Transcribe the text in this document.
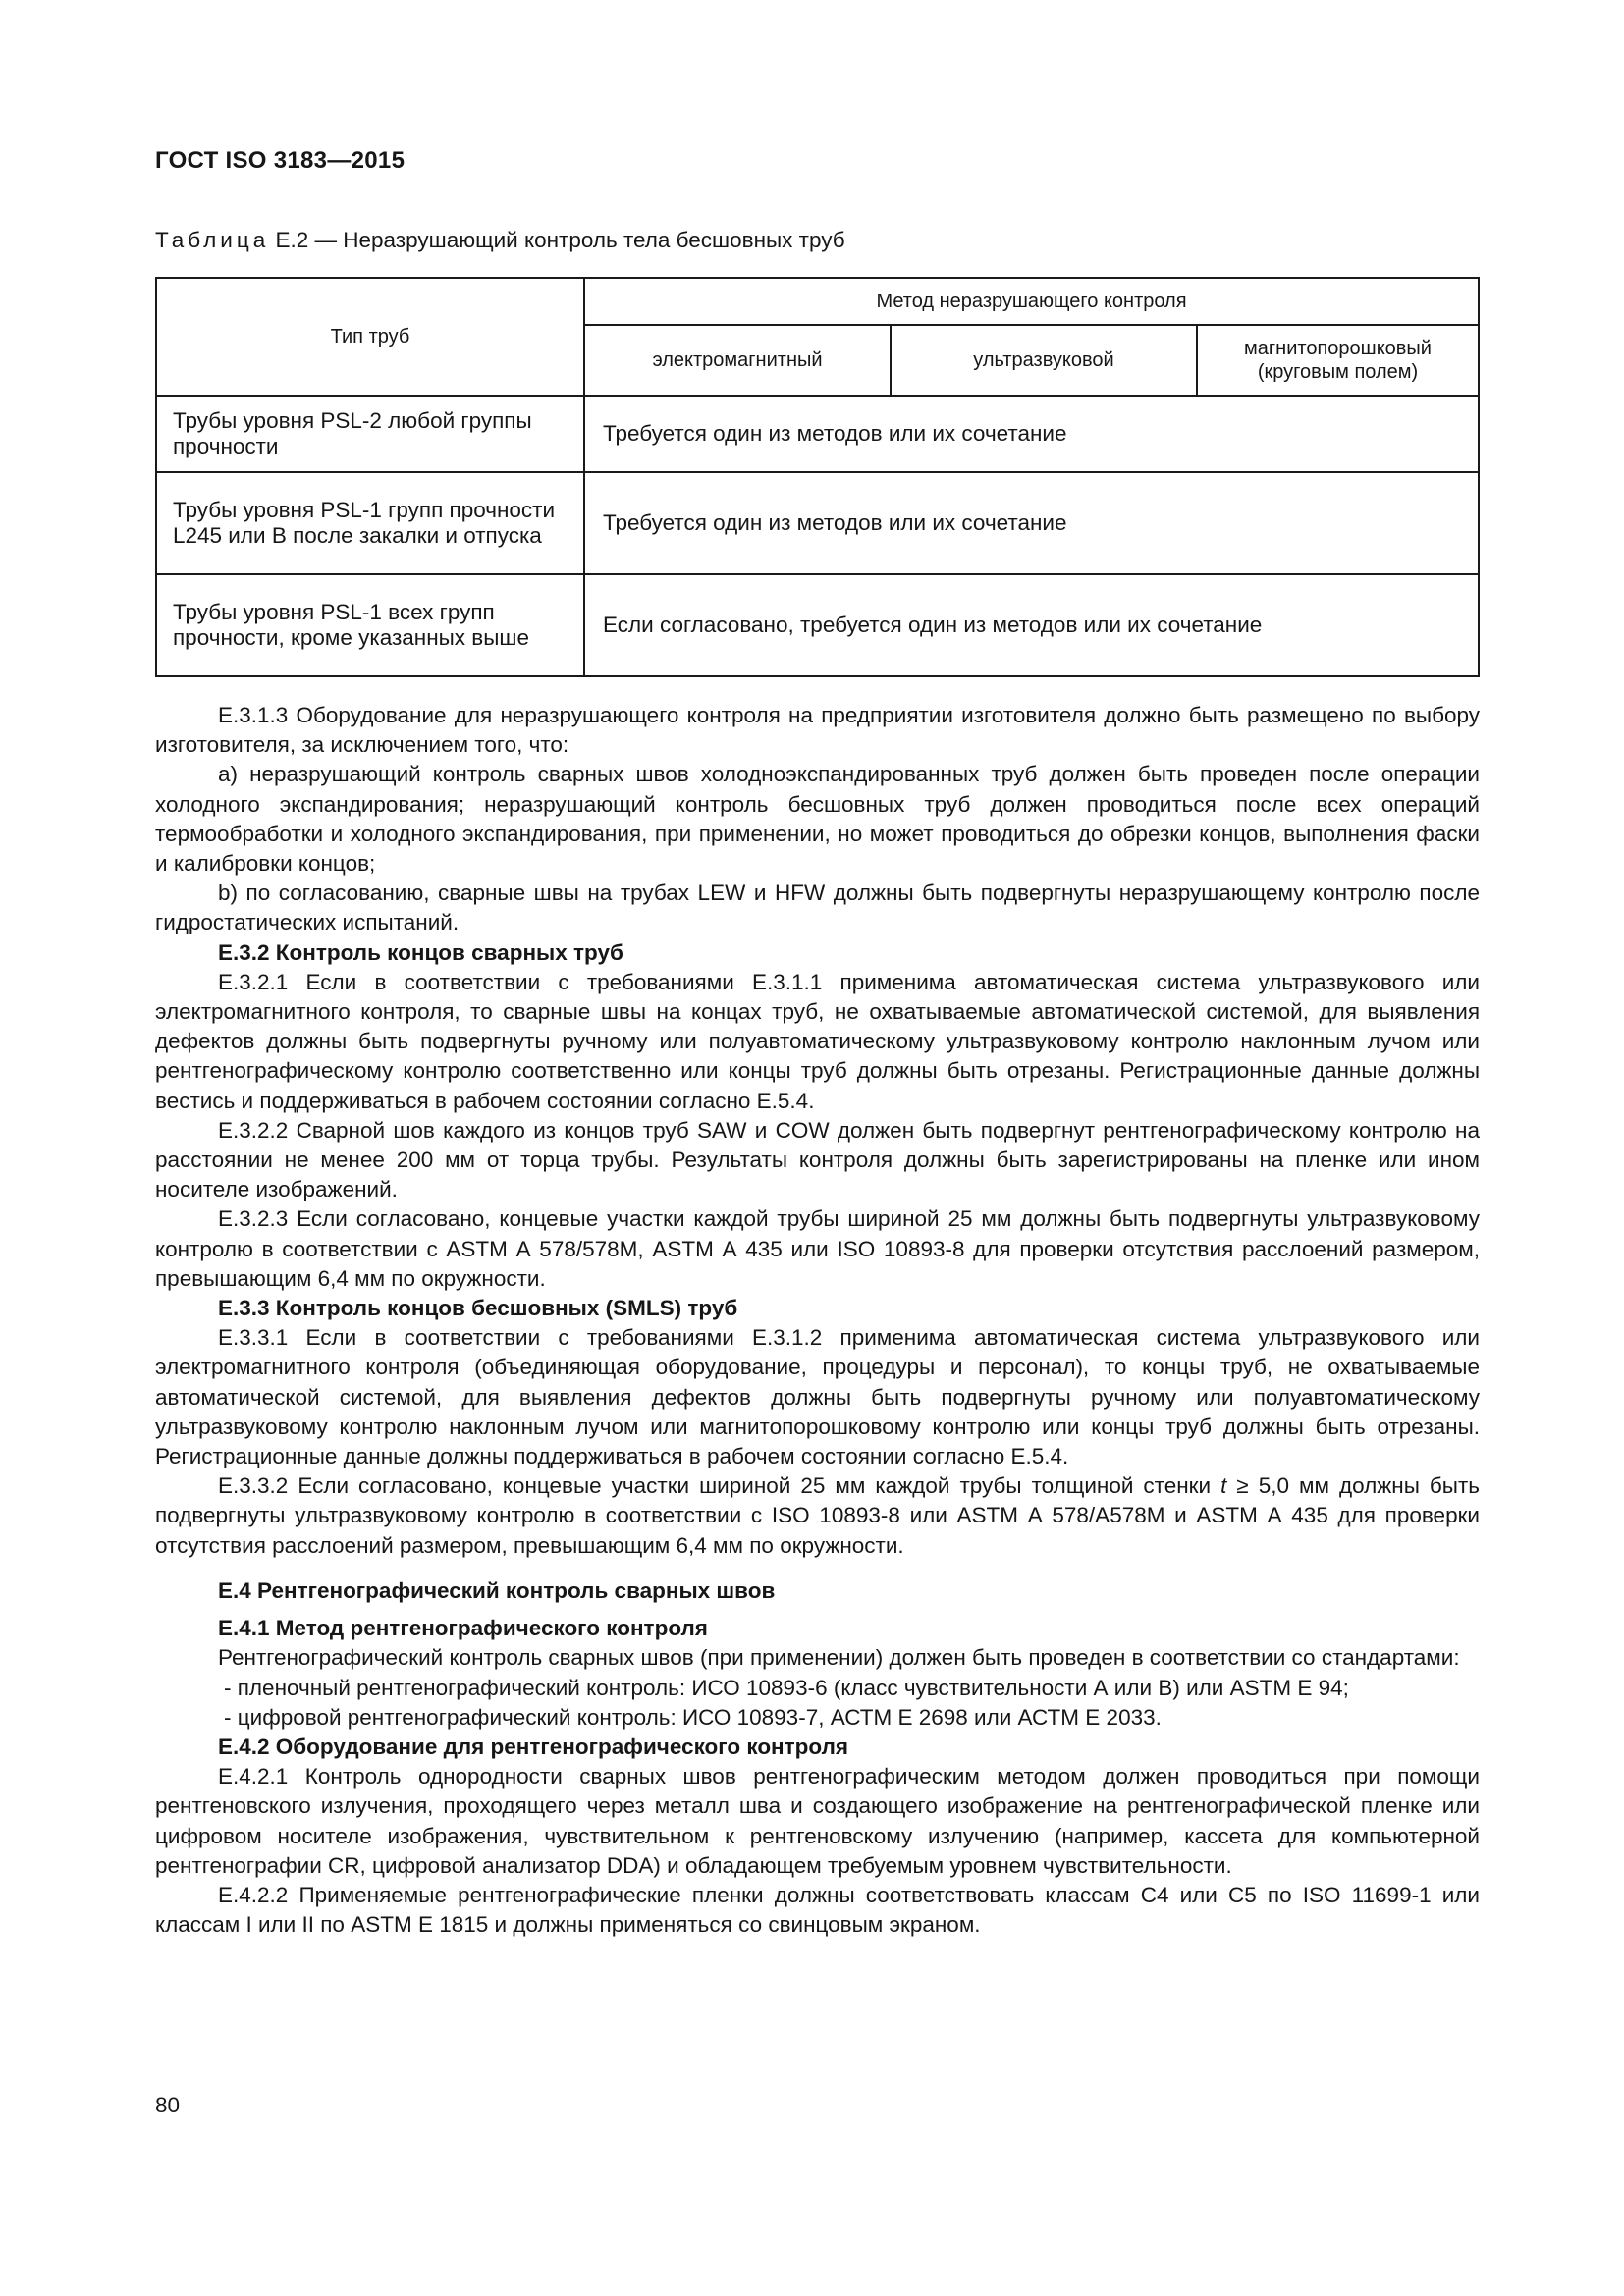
ГОСТ ISO 3183—2015
Таблица Е.2 — Неразрушающий контроль тела бесшовных труб
Тип труб	Метод неразрушающего контроля		
	электромагнитный	ультразвуковой	магнитопорошковый (круговым полем)
Трубы уровня PSL-2 любой группы прочности	Требуется один из методов или их сочетание		
Трубы уровня PSL-1 групп прочности L245 или В после закалки и отпуска	Требуется один из методов или их сочетание		
Трубы уровня PSL-1 всех групп прочности, кроме указанных выше	Если согласовано, требуется один из методов или их сочетание		

Е.3.1.3 Оборудование для неразрушающего контроля на предприятии изготовителя должно быть размещено по выбору изготовителя, за исключением того, что:

а) неразрушающий контроль сварных швов холодноэкспандированных труб должен быть проведен после операции холодного экспандирования; неразрушающий контроль бесшовных труб должен проводиться после всех операций термообработки и холодного экспандирования, при применении, но может проводиться до обрезки концов, выполнения фаски и калибровки концов;

b) по согласованию, сварные швы на трубах LEW и HFW должны быть подвергнуты неразрушающему контролю после гидростатических испытаний.

Е.3.2 Контроль концов сварных труб

Е.3.2.1 Если в соответствии с требованиями Е.3.1.1 применима автоматическая система ультразвукового или электромагнитного контроля, то сварные швы на концах труб, не охватываемые автоматической системой, для выявления дефектов должны быть подвергнуты ручному или полуавтоматическому ультразвуковому контролю наклонным лучом или рентгенографическому контролю соответственно или концы труб должны быть отрезаны. Регистрационные данные должны вестись и поддерживаться в рабочем состоянии согласно Е.5.4.

Е.3.2.2 Сварной шов каждого из концов труб SAW и COW должен быть подвергнут рентгенографическому контролю на расстоянии не менее 200 мм от торца трубы. Результаты контроля должны быть зарегистрированы на пленке или ином носителе изображений.

Е.3.2.3 Если согласовано, концевые участки каждой трубы шириной 25 мм должны быть подвергнуты ультразвуковому контролю в соответствии с ASTM А 578/578М, ASTM А 435 или ISO 10893-8 для проверки отсутствия расслоений размером, превышающим 6,4 мм по окружности.

Е.3.3 Контроль концов бесшовных (SMLS) труб

Е.3.3.1 Если в соответствии с требованиями Е.3.1.2 применима автоматическая система ультразвукового или электромагнитного контроля (объединяющая оборудование, процедуры и персонал), то концы труб, не охватываемые автоматической системой, для выявления дефектов должны быть подвергнуты ручному или полуавтоматическому ультразвуковому контролю наклонным лучом или магнитопорошковому контролю или концы труб должны быть отрезаны. Регистрационные данные должны поддерживаться в рабочем состоянии согласно Е.5.4.

Е.3.3.2 Если согласовано, концевые участки шириной 25 мм каждой трубы толщиной стенки t ≥ 5,0 мм должны быть подвергнуты ультразвуковому контролю в соответствии с ISO 10893-8 или ASTM А 578/А578М и ASTM А 435 для проверки отсутствия расслоений размером, превышающим 6,4 мм по окружности.

Е.4 Рентгенографический контроль сварных швов

Е.4.1 Метод рентгенографического контроля

Рентгенографический контроль сварных швов (при применении) должен быть проведен в соответствии со стандартами:

- пленочный рентгенографический контроль: ИСО 10893-6 (класс чувствительности А или В) или ASTM Е 94;

- цифровой рентгенографический контроль: ИСО 10893-7, АСТМ Е 2698 или АСТМ Е 2033.

Е.4.2 Оборудование для рентгенографического контроля

Е.4.2.1 Контроль однородности сварных швов рентгенографическим методом должен проводиться при помощи рентгеновского излучения, проходящего через металл шва и создающего изображение на рентгенографической пленке или цифровом носителе изображения, чувствительном к рентгеновскому излучению (например, кассета для компьютерной рентгенографии CR, цифровой анализатор DDA) и обладающем требуемым уровнем чувствительности.

Е.4.2.2 Применяемые рентгенографические пленки должны соответствовать классам С4 или С5 по ISO 11699-1 или классам I или II по ASTM Е 1815 и должны применяться со свинцовым экраном.

80
